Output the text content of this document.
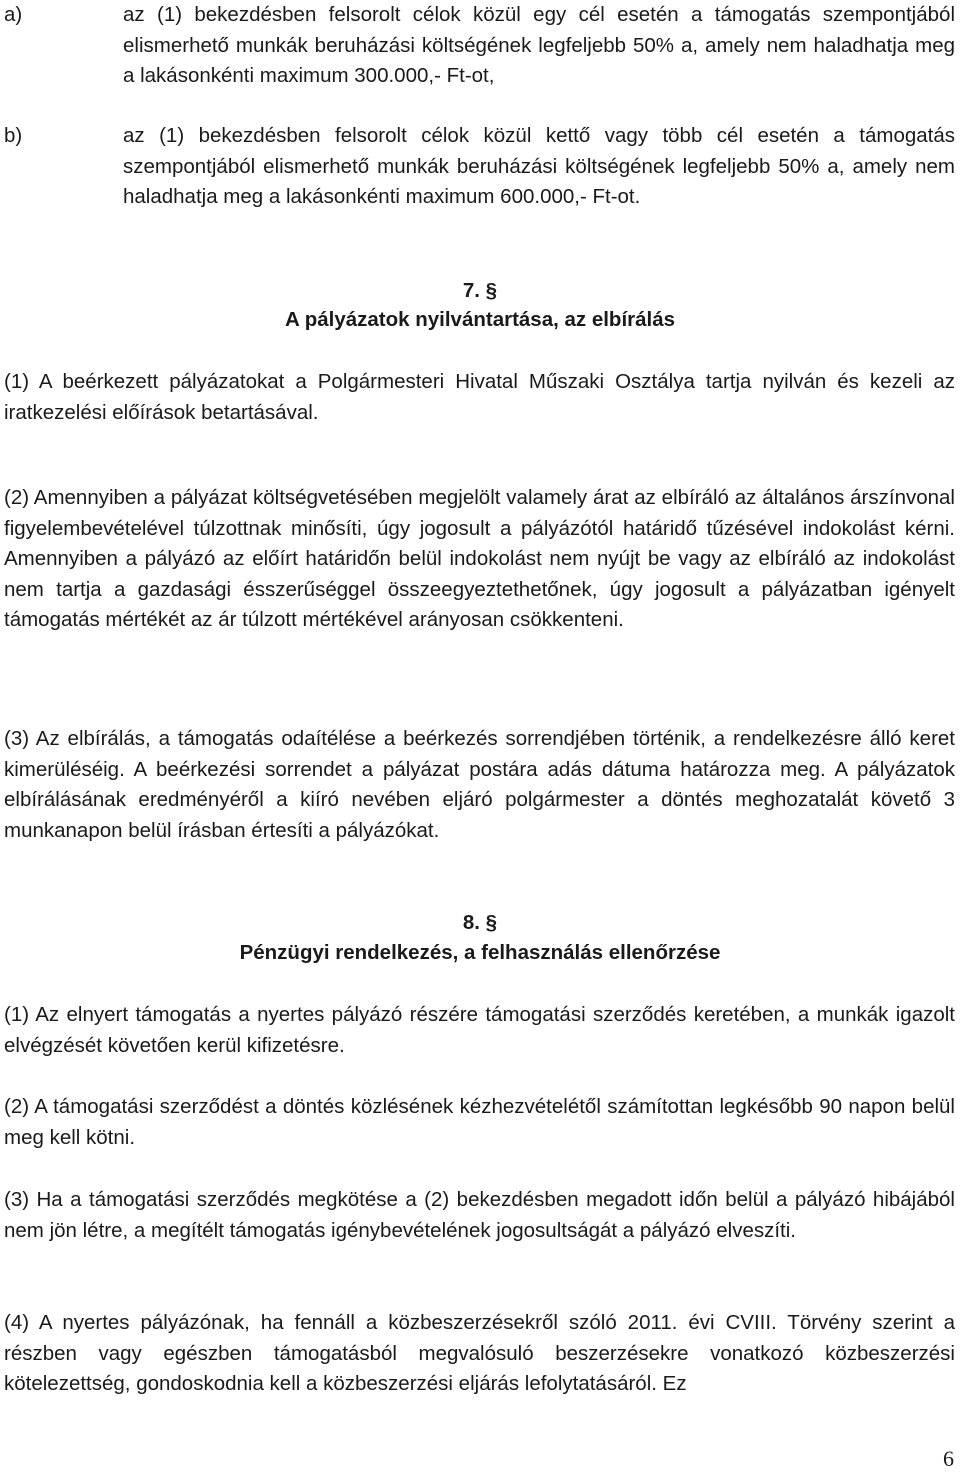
a)	az (1) bekezdésben felsorolt célok közül egy cél esetén a támogatás szempontjából elismerhető munkák beruházási költségének legfeljebb 50% a, amely nem haladhatja meg a lakásonkénti maximum 300.000,- Ft-ot,
b)	az (1) bekezdésben felsorolt célok közül kettő vagy több cél esetén a támogatás szempontjából elismerhető munkák beruházási költségének legfeljebb 50% a, amely nem haladhatja meg a lakásonkénti maximum 600.000,- Ft-ot.
7. §
A pályázatok nyilvántartása, az elbírálás
(1) A beérkezett pályázatokat a Polgármesteri Hivatal Műszaki Osztálya tartja nyilván és kezeli az iratkezelési előírások betartásával.
(2) Amennyiben a pályázat költségvetésében megjelölt valamely árat az elbíráló az általános árszínvonal figyelembevételével túlzottnak minősíti, úgy jogosult a pályázótól határidő tűzésével indokolást kérni. Amennyiben a pályázó az előírt határidőn belül indokolást nem nyújt be vagy az elbíráló az indokolást nem tartja a gazdasági ésszerűséggel összeegyeztethetőnek, úgy jogosult a pályázatban igényelt támogatás mértékét az ár túlzott mértékével arányosan csökkenteni.
(3) Az elbírálás, a támogatás odaítélése a beérkezés sorrendjében történik, a rendelkezésre álló keret kimerüléséig. A beérkezési sorrendet a pályázat postára adás dátuma határozza meg. A pályázatok elbírálásának eredményéről a kiíró nevében eljáró polgármester a döntés meghozatalát követő 3 munkanapon belül írásban értesíti a pályázókat.
8. §
Pénzügyi rendelkezés, a felhasználás ellenőrzése
(1) Az elnyert támogatás a nyertes pályázó részére támogatási szerződés keretében, a munkák igazolt elvégzését követően kerül kifizetésre.
(2) A támogatási szerződést a döntés közlésének kézhezvételétől számítottan legkésőbb 90 napon belül meg kell kötni.
(3) Ha a támogatási szerződés megkötése a (2) bekezdésben megadott időn belül a pályázó hibájából nem jön létre, a megítélt támogatás igénybevételének jogosultságát a pályázó elveszíti.
(4) A nyertes pályázónak, ha fennáll a közbeszerzésekről szóló 2011. évi CVIII. Törvény szerint a részben vagy egészben támogatásból megvalósuló beszerzésekre vonatkozó közbeszerzési kötelezettség, gondoskodnia kell a közbeszerzési eljárás lefolytatásáról. Ez
6
